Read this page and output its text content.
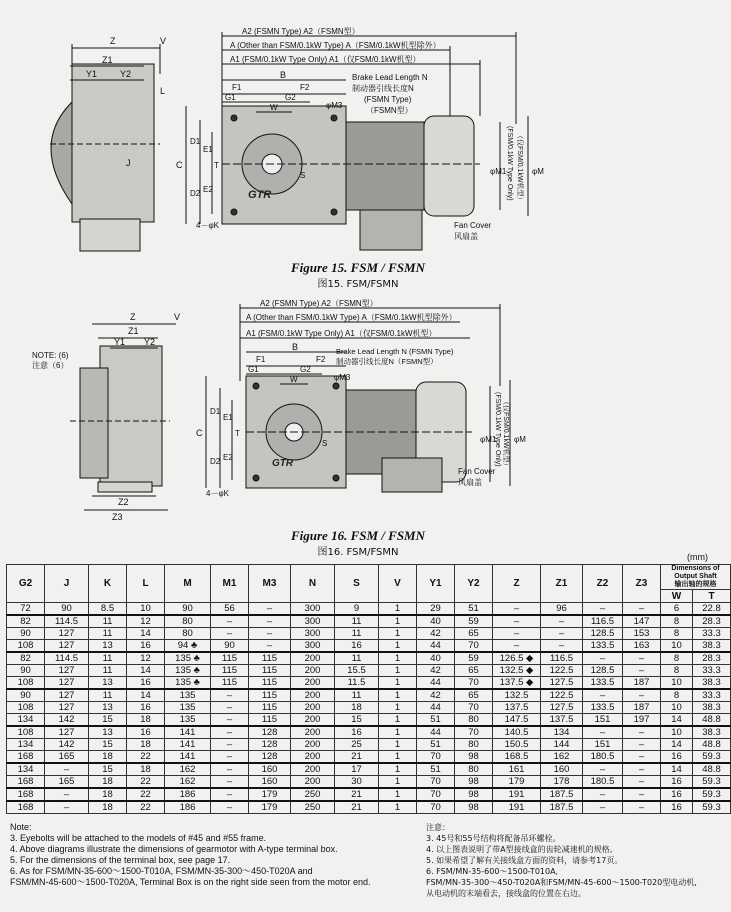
GTR
Z	V
Z1
Y1	Y2
L
J	C
D1
D2
E1
E2
T
S
4－φK
A2 (FSMN Type) A2（FSMN型）
A (Other than FSM/0.1kW Type) A（FSM/0.1kW机型除外）
A1 (FSM/0.1kW Type Only) A1（仅FSM/0.1kW机型）
B
F1	F2
G1	G2
W	φM3
Brake Lead Length N
制动器引线长度N
(FSMN Type)
（FSMN型）
φM1	φM
(FSM/0.1kW Type Only) （仅FSM/0.1kW机型）
Fan Cover
风扇盖
Figure 15. FSM / FSMN
图15. FSM/FSMN
GTR
Z	V
Z1
Y1 Y2
Z2
Z3
NOTE: (6)
注意（6）
C
D1
D2
E1
E2
T
S
4－φK
A2 (FSMN Type) A2（FSMN型）
A (Other than FSM/0.1kW Type) A（FSM/0.1kW机型除外）
A1 (FSM/0.1kW Type Only) A1（仅FSM/0.1kW机型）
B
F1	F2
G1	G2
W	φM3
Brake Lead Length N (FSMN Type)
制动器引线长度N（FSMN型）
φM1 φM
(FSM/0.1kW Type Only) （仅FSM/0.1kW机型）
Fan Cover
风扇盖
Figure 16. FSM / FSMN
图16. FSM/FSMN	(mm)
G2	J	K	L	M	M1	M3	N	S	V	Y1	Y2	Z	Z1	Z2	Z3	Dimensions of Output Shaft
输出轴的规格	

																W	T
72	90	8.5	10	90	56	–	300	9	1	29	51	–	96	–	–	6	22.8
82	114.5	11	12	80	–	–	300	11	1	40	59	–	–	116.5	147	8	28.3
90	127	11	14	80	–	–	300	11	1	42	65	–	–	128.5	153	8	33.3
108	127	13	16	94 ♣	90	–	300	16	1	44	70	–	–	133.5	163	10	38.3
82	114.5	11	12	135 ♣	115	115	200	11	1	40	59	126.5 ◆	116.5	–	–	8	28.3
90	127	11	14	135 ♣	115	115	200	15.5	1	42	65	132.5 ◆	122.5	128.5	–	8	33.3
108	127	13	16	135 ♣	115	115	200	11.5	1	44	70	137.5 ◆	127.5	133.5	187	10	38.3
90	127	11	14	135	–	115	200	11	1	42	65	132.5	122.5	–	–	8	33.3
108	127	13	16	135	–	115	200	18	1	44	70	137.5	127.5	133.5	187	10	38.3
134	142	15	18	135	–	115	200	15	1	51	80	147.5	137.5	151	197	14	48.8
108	127	13	16	141	–	128	200	16	1	44	70	140.5	134	–	–	10	38.3
134	142	15	18	141	–	128	200	25	1	51	80	150.5	144	151	–	14	48.8
168	165	18	22	141	–	128	200	21	1	70	98	168.5	162	180.5	–	16	59.3
134	–	15	18	162	–	160	200	17	1	51	80	161	160	–	–	14	48.8
168	165	18	22	162	–	160	200	30	1	70	98	179	178	180.5	–	16	59.3
168	–	18	22	186	–	179	250	21	1	70	98	191	187.5	–	–	16	59.3
168	–	18	22	186	–	179	250	21	1	70	98	191	187.5	–	–	16	59.3
Note:
3. Eyebolts will be attached to the models of #45 and #55 frame.
4. Above diagrams illustrate the dimensions of gearmotor with A-type terminal box.
5. For the dimensions of the terminal box, see page 17.
6. As for FSM/MN-35-600～1500-T010A, FSM/MN-35-300～450-T020A and
FSM/MN-45-600～1500-T020A, Terminal Box is on the right side seen from the motor end.
注意：
3. 45号和55号结构将配备吊环螺栓。
4. 以上图表说明了带A型接线盒的齿轮减速机的规格。
5. 如果希望了解有关接线盒方面的资料，请参考17页。
6. FSM/MN-35-600～1500-T010A,
FSM/MN-35-300～450-T020A和FSM/MN-45-600～1500-T020型电动机,
从电动机的末端看去，接线盒的位置在右边。
